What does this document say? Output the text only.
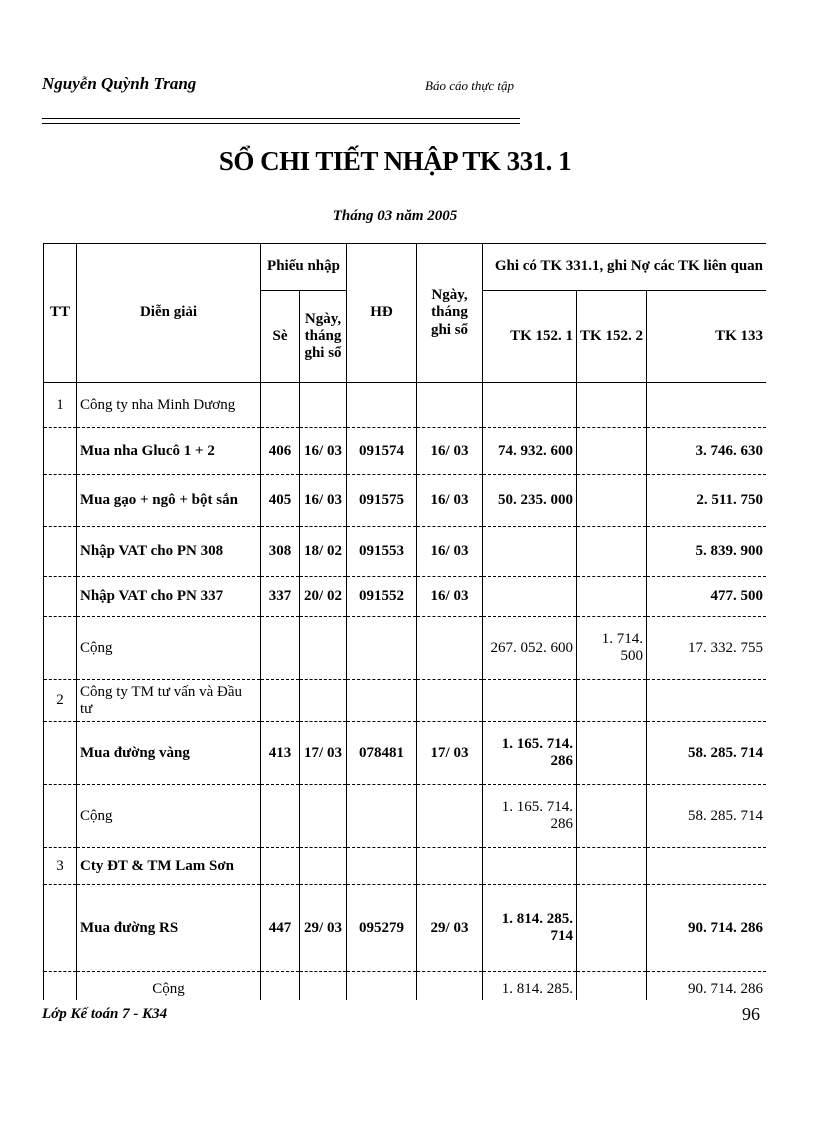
Nguyễn Quỳnh Trang	Báo cáo thực tập
SỔ CHI TIẾT NHẬP TK 331. 1
Tháng 03 năm 2005
TT	Diễn giải	Phiếu nhập		HĐ	Ngày, tháng ghi sổ	Ghi có TK 331.1, ghi Nợ các TK liên quan		
		Sè	Ngày, tháng ghi sổ			TK 152. 1	TK 152. 2	TK 133

1	Công ty nha Minh Dương							
	Mua nha Glucô 1 + 2	406	16/ 03	091574	16/ 03	74. 932. 600		3. 746. 630
	Mua gạo + ngô + bột sắn	405	16/ 03	091575	16/ 03	50. 235. 000		2. 511. 750
	Nhập VAT cho PN 308	308	18/ 02	091553	16/ 03			5. 839. 900
	Nhập VAT cho PN 337	337	20/ 02	091552	16/ 03			477. 500
	Cộng					267. 052. 600	1. 714. 500	17. 332. 755
2	Công ty TM tư vấn và Đầu tư							
	Mua đường vàng	413	17/ 03	078481	17/ 03	1. 165. 714. 286		58. 285. 714
	Cộng					1. 165. 714. 286		58. 285. 714
3	Cty ĐT & TM Lam Sơn							
	Mua đường RS	447	29/ 03	095279	29/ 03	1. 814. 285. 714		90. 714. 286
	Cộng					1. 814. 285.		90. 714. 286
Lớp Kế toán 7 - K34	96
